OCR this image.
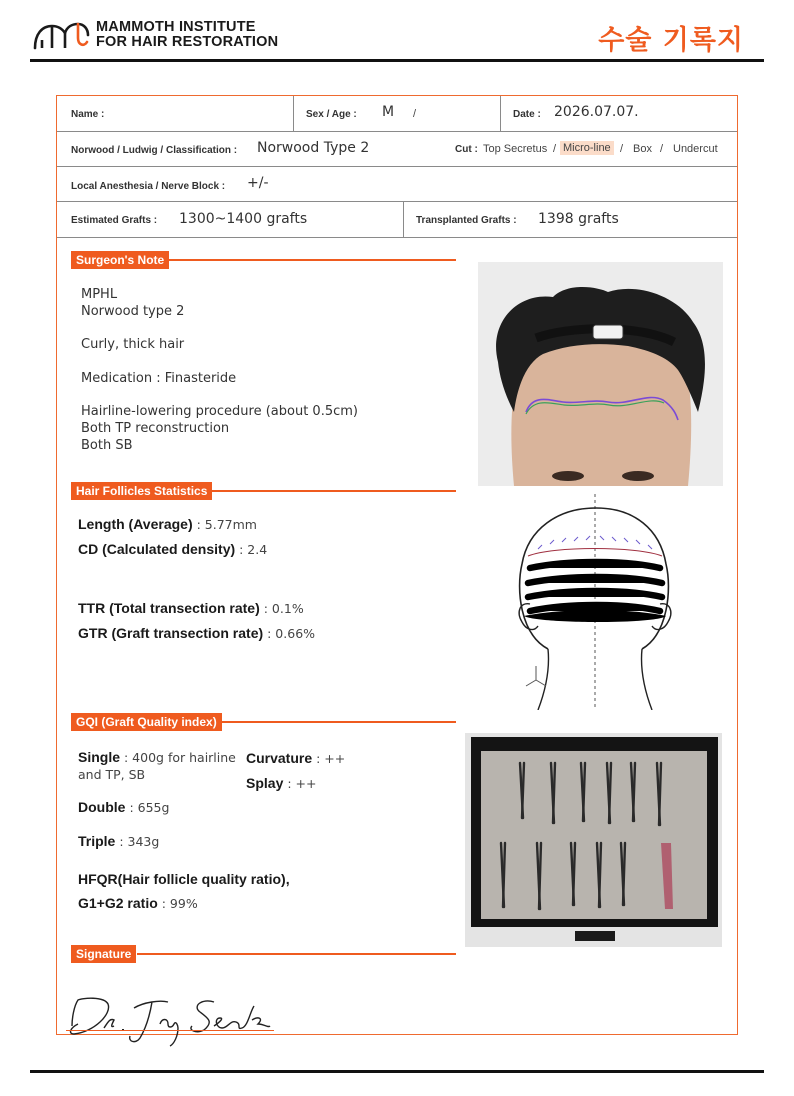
MAMMOTH INSTITUTE
FOR HAIR RESTORATION	수술 기록지
Name :	Sex / Age : M /	Date : 2026.07.07.
Norwood / Ludwig / Classification : Norwood Type 2	Cut : Top Secretus / Micro-line / Box / Undercut
Local Anesthesia / Nerve Block : +/-
Estimated Grafts : 1300~1400 grafts	Transplanted Grafts : 1398 grafts
Surgeon's Note
MPHL
Norwood type 2
Curly, thick hair
Medication : Finasteride
Hairline-lowering procedure (about 0.5cm)
Both TP reconstruction
Both SB
Hair Follicles Statistics
Length (Average) : 5.77mm
CD (Calculated density) : 2.4
TTR (Total transection rate) : 0.1%
GTR (Graft transection rate) : 0.66%
GQI (Graft Quality index)
Single : 400g for hairline
and TP, SB
Double : 655g
Triple : 343g
Curvature : ++
Splay : ++
HFQR(Hair follicle quality ratio),
G1+G2 ratio : 99%
Signature
